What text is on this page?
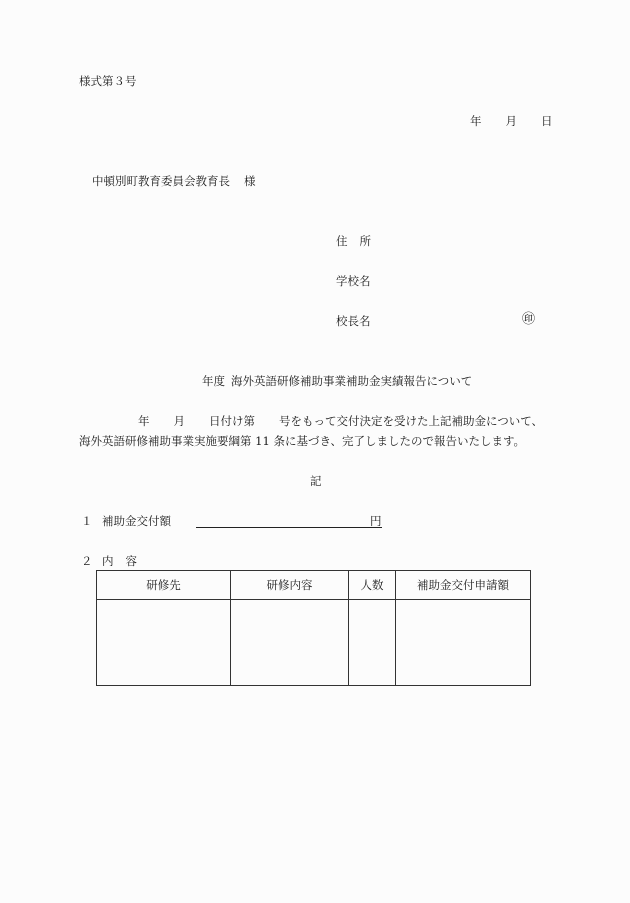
様式第３号
年 月 日
中頓別町教育委員会教育長 様
住 所
学校名
校長名	㊞
年度 海外英語研修補助事業補助金実績報告について
年 月 日付け第 号をもって交付決定を受けた上記補助金について、
海外英語研修補助事業実施要綱第 11 条に基づき、完了しましたので報告いたします。
記
１ 補助金交付額	円
２ 内 容
研修先	研修内容	人数	補助金交付申請額
